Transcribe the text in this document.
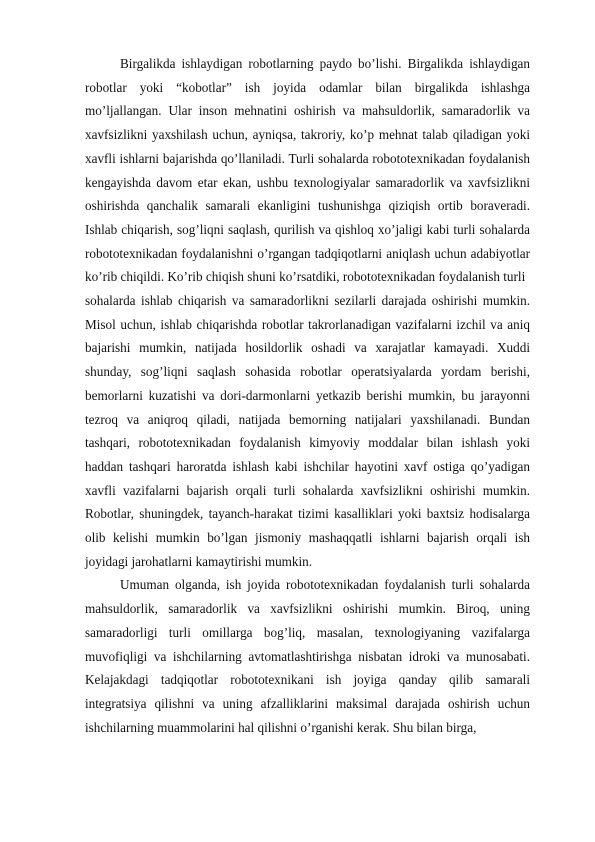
Birgalikda ishlaydigan robotlarning paydo bo’lishi. Birgalikda ishlaydigan robotlar yoki “kobotlar” ish joyida odamlar bilan birgalikda ishlashga mo’ljallangan. Ular inson mehnatini oshirish va mahsuldorlik, samaradorlik va xavfsizlikni yaxshilash uchun, ayniqsa, takroriy, ko’p mehnat talab qiladigan yoki xavfli ishlarni bajarishda qo’llaniladi. Turli sohalarda robototexnikadan foydalanish kengayishda davom etar ekan, ushbu texnologiyalar samaradorlik va xavfsizlikni oshirishda qanchalik samarali ekanligini tushunishga qiziqish ortib boraveradi. Ishlab chiqarish, sog’liqni saqlash, qurilish va qishloq xo’jaligi kabi turli sohalarda robototexnikadan foydalanishni o’rgangan tadqiqotlarni aniqlash uchun adabiyotlar ko’rib chiqildi. Ko’rib chiqish shuni ko’rsatdiki, robototexnikadan foydalanish turli

sohalarda ishlab chiqarish va samaradorlikni sezilarli darajada oshirishi mumkin. Misol uchun, ishlab chiqarishda robotlar takrorlanadigan vazifalarni izchil va aniq bajarishi mumkin, natijada hosildorlik oshadi va xarajatlar kamayadi. Xuddi shunday, sog’liqni saqlash sohasida robotlar operatsiyalarda yordam berishi, bemorlarni kuzatishi va dori-darmonlarni yetkazib berishi mumkin, bu jarayonni tezroq va aniqroq qiladi, natijada bemorning natijalari yaxshilanadi. Bundan tashqari, robototexnikadan foydalanish kimyoviy moddalar bilan ishlash yoki haddan tashqari haroratda ishlash kabi ishchilar hayotini xavf ostiga qo’yadigan xavfli vazifalarni bajarish orqali turli sohalarda xavfsizlikni oshirishi mumkin. Robotlar, shuningdek, tayanch-harakat tizimi kasalliklari yoki baxtsiz hodisalarga olib kelishi mumkin bo’lgan jismoniy mashaqqatli ishlarni bajarish orqali ish joyidagi jarohatlarni kamaytirishi mumkin.

Umuman olganda, ish joyida robototexnikadan foydalanish turli sohalarda mahsuldorlik, samaradorlik va xavfsizlikni oshirishi mumkin. Biroq, uning samaradorligi turli omillarga bog’liq, masalan, texnologiyaning vazifalarga muvofiqligi va ishchilarning avtomatlashtirishga nisbatan idroki va munosabati. Kelajakdagi tadqiqotlar robototexnikani ish joyiga qanday qilib samarali integratsiya qilishni va uning afzalliklarini maksimal darajada oshirish uchun ishchilarning muammolarini hal qilishni o’rganishi kerak. Shu bilan birga,
